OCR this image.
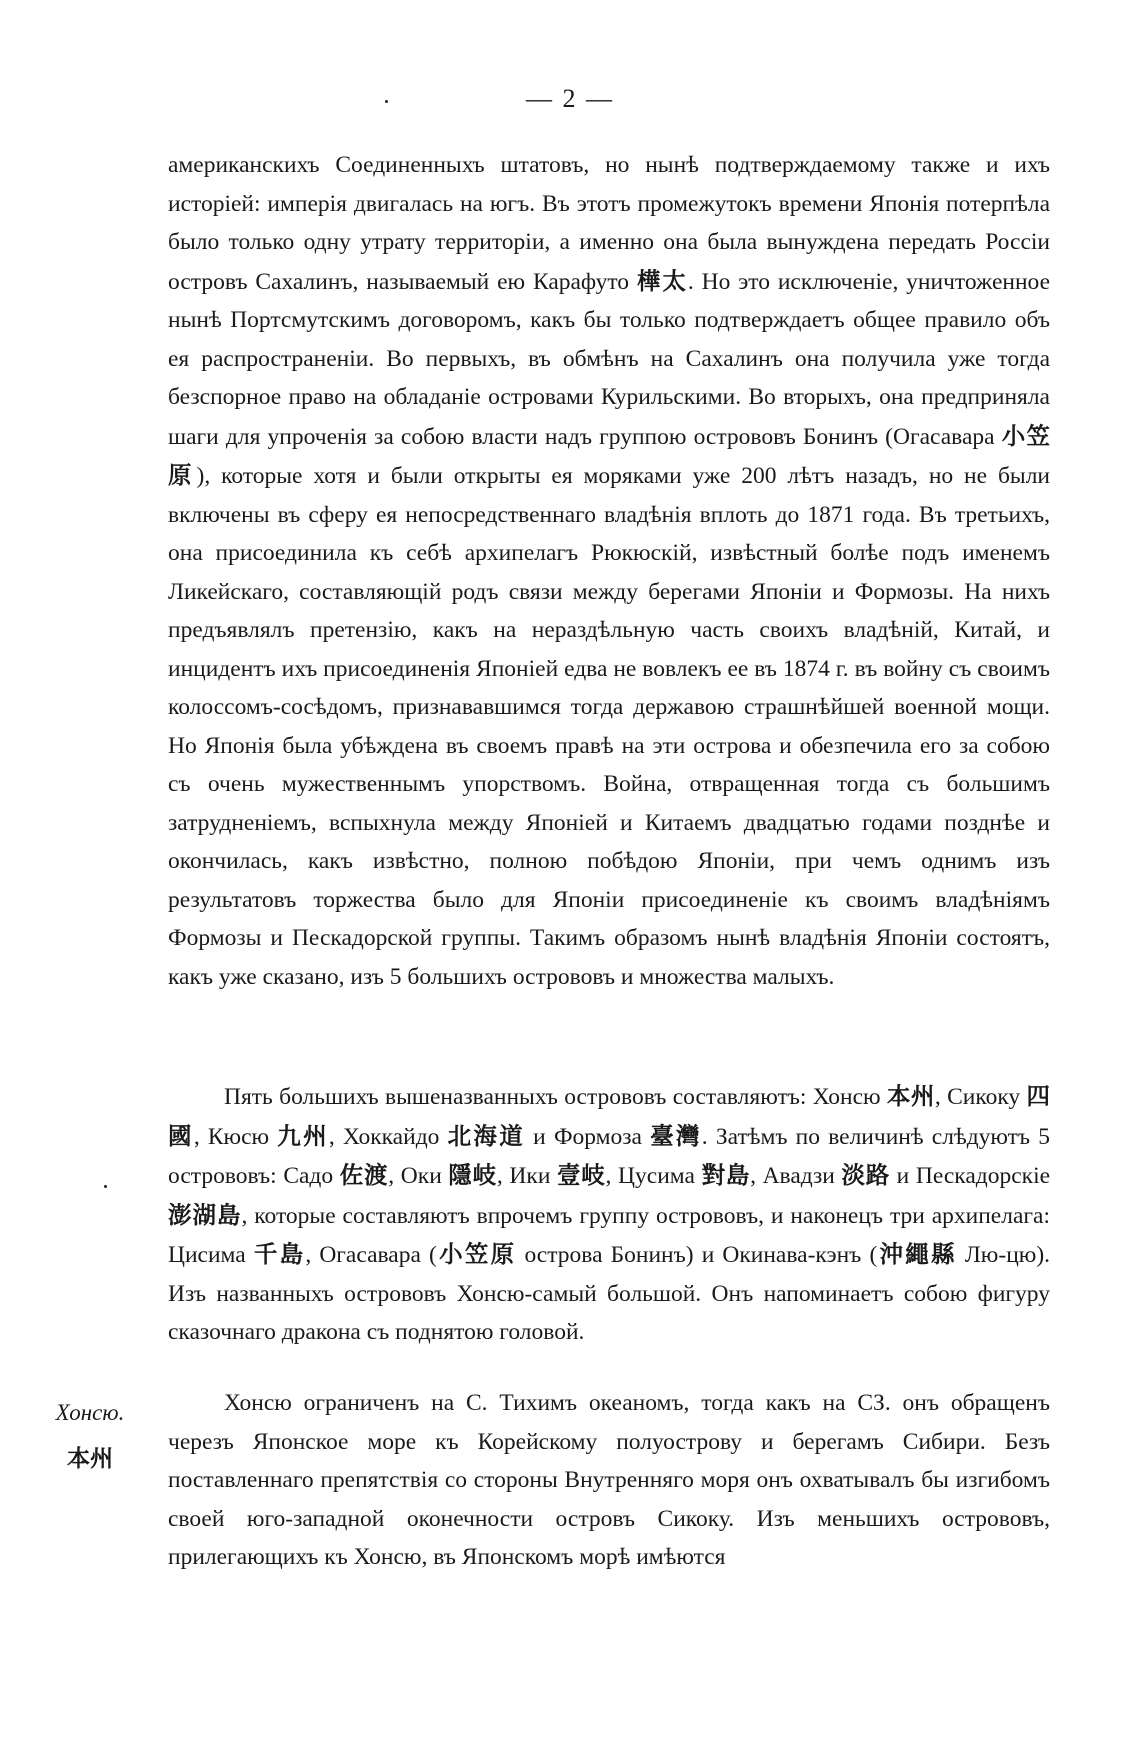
— 2 —
американскихъ Соединенныхъ штатовъ, но нынѣ подтверждаемому также и ихъ исторіей: имперія двигалась на югъ. Въ этотъ промежутокъ времени Японія потерпѣла было только одну утрату территоріи, а именно она была вынуждена передать Россіи островъ Сахалинъ, называемый ею Карафуто 樺太. Но это исключеніе, уничтоженное нынѣ Портсмутскимъ договоромъ, какъ бы только подтверждаетъ общее правило объ ея распространеніи. Во первыхъ, въ обмѣнъ на Сахалинъ она получила уже тогда безспорное право на обладаніе островами Курильскими. Во вторыхъ, она предприняла шаги для упроченія за собою власти надъ группою острововъ Бонинъ (Огасавара 小笠原), которые хотя и были открыты ея моряками уже 200 лѣтъ назадъ, но не были включены въ сферу ея непосредственнаго владѣнія вплоть до 1871 года. Въ третьихъ, она присоединила къ себѣ архипелагъ Рюкюскій, извѣстный болѣе подъ именемъ Ликейскаго, составляющій родъ связи между берегами Японіи и Формозы. На нихъ предъявлялъ претензію, какъ на нераздѣльную часть своихъ владѣній, Китай, и инцидентъ ихъ присоединенія Японіей едва не вовлекъ ее въ 1874 г. въ войну съ своимъ колоссомъ-сосѣдомъ, признававшимся тогда державою страшнѣйшей военной мощи. Но Японія была убѣждена въ своемъ правѣ на эти острова и обезпечила его за собою съ очень мужественнымъ упорствомъ. Война, отвращенная тогда съ большимъ затрудненіемъ, вспыхнула между Японіей и Китаемъ двадцатью годами позднѣе и окончилась, какъ извѣстно, полною побѣдою Японіи, при чемъ однимъ изъ результатовъ торжества было для Японіи присоединеніе къ своимъ владѣніямъ Формозы и Пескадорской группы. Такимъ образомъ нынѣ владѣнія Японіи состоятъ, какъ уже сказано, изъ 5 большихъ острововъ и множества малыхъ.
Пять большихъ вышеназванныхъ острововъ составляютъ: Хонсю 本州, Сикоку 四國, Кюсю 九州, Хоккайдо 北海道 и Формоза 臺灣. Затѣмъ по величинѣ слѣдуютъ 5 острововъ: Садо 佐渡, Оки 隱岐, Ики 壹岐, Цусима 對島, Авадзи 淡路 и Пескадорскіе 澎湖島, которые составляютъ впрочемъ группу острововъ, и наконецъ три архипелага: Цисима 千島, Огасавара (小笠原 острова Бонинъ) и Окинава-кэнъ (沖繩縣 Лю-цю). Изъ названныхъ острововъ Хонсю-самый большой. Онъ напоминаетъ собою фигуру сказочнаго дракона съ поднятою головой.
Хонсю ограниченъ на С. Тихимъ океаномъ, тогда какъ на СЗ. онъ обращенъ черезъ Японское море къ Корейскому полуострову и берегамъ Сибири. Безъ поставленнаго препятствія со стороны Внутренняго моря онъ охватывалъ бы изгибомъ своей юго-западной оконечности островъ Сикоку. Изъ меньшихъ острововъ, прилегающихъ къ Хонсю, въ Японскомъ морѣ имѣются
Хонсю.
本州
